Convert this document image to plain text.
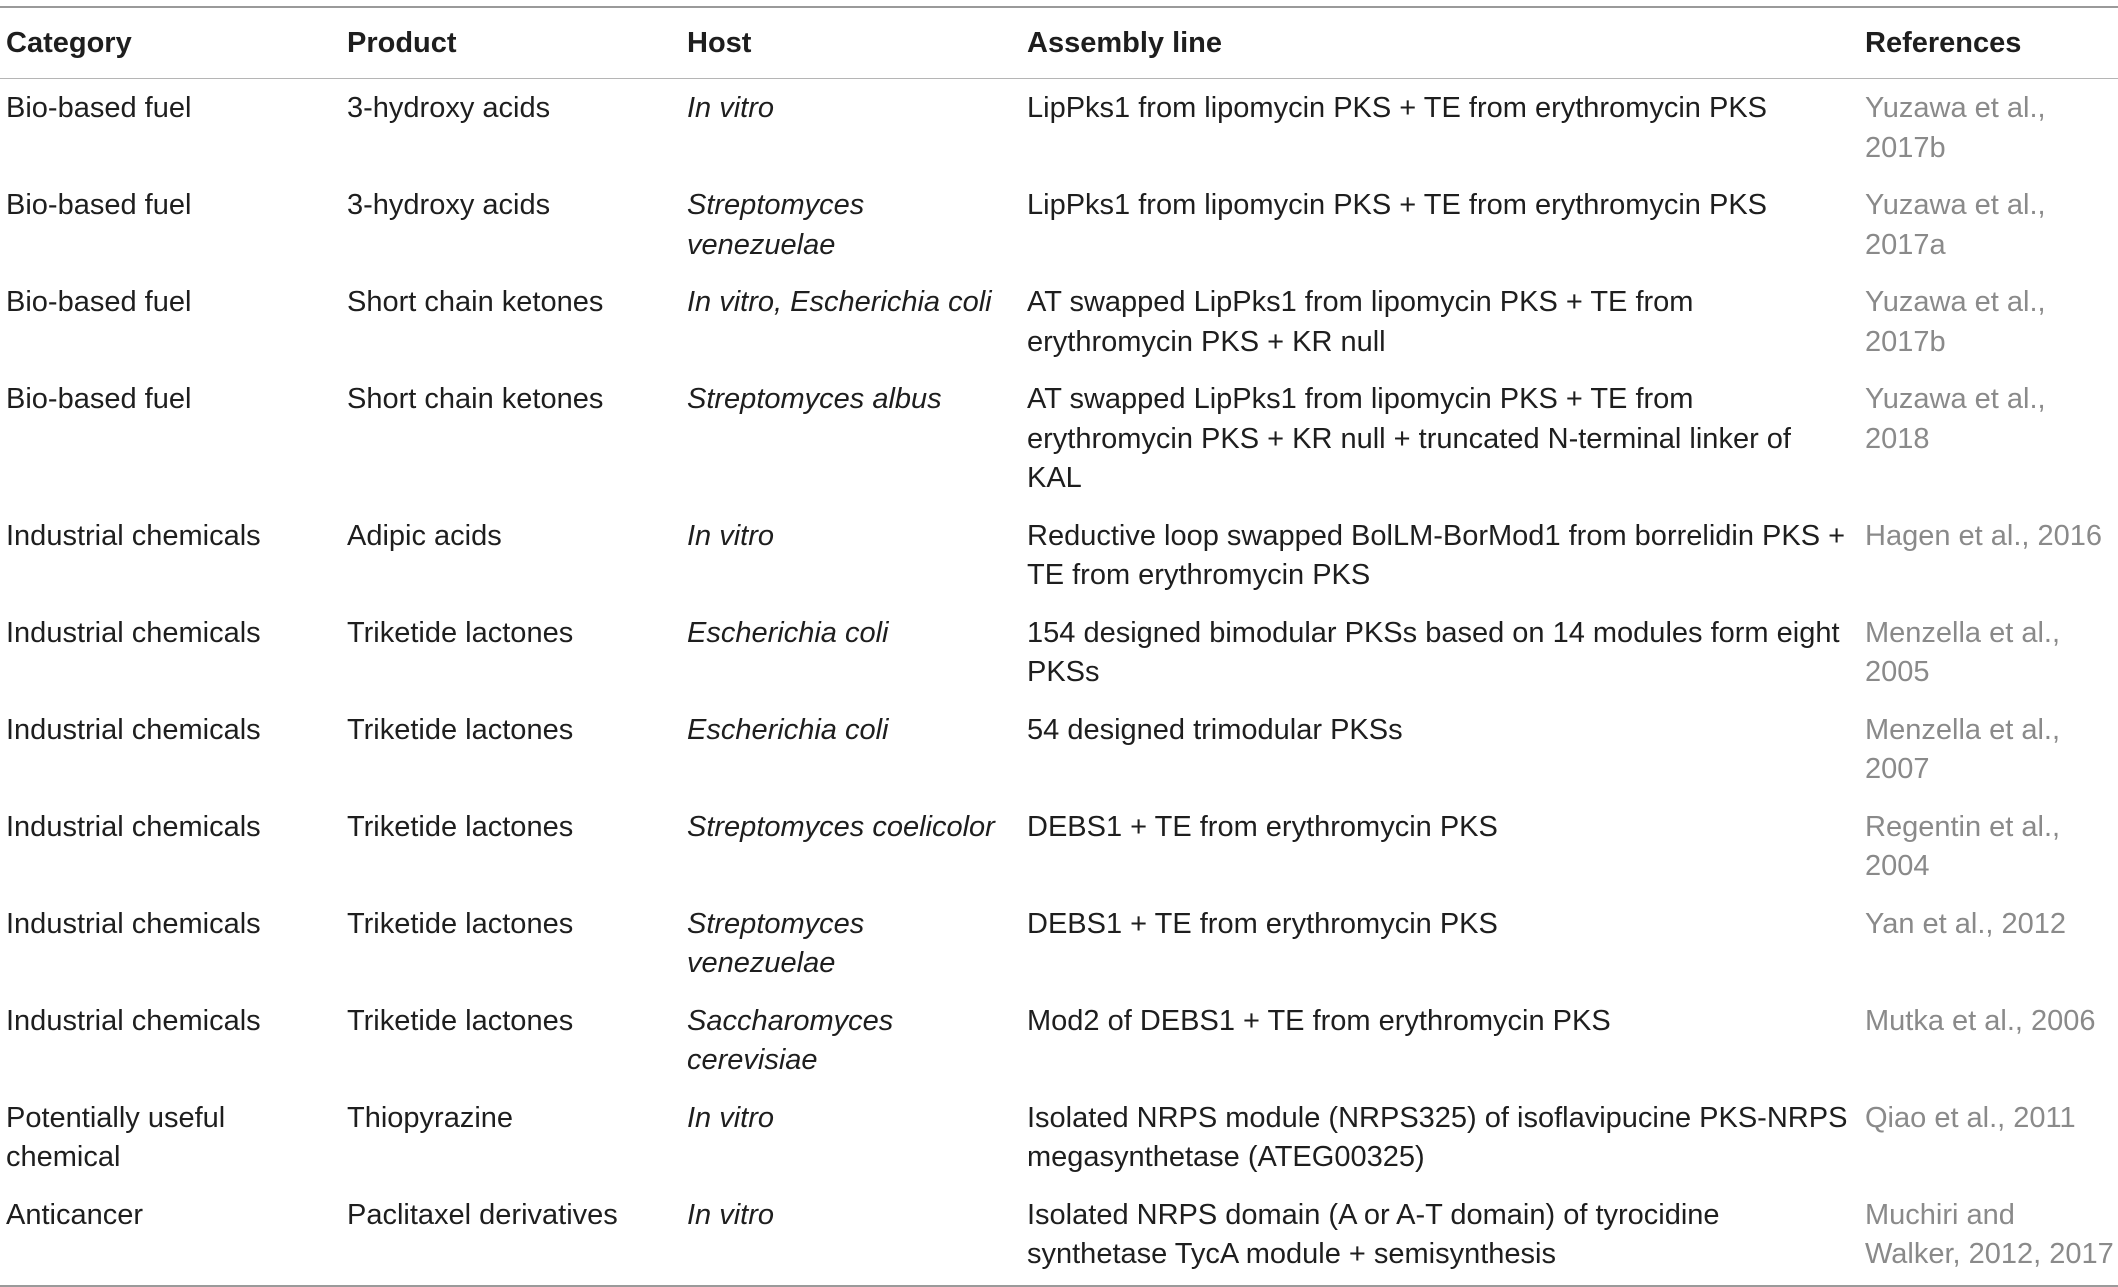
Category	Product	Host	Assembly line	References
Bio-based fuel	3-hydroxy acids	In vitro	LipPks1 from lipomycin PKS + TE from erythromycin PKS	Yuzawa et al., 2017b
Bio-based fuel	3-hydroxy acids	Streptomyces venezuelae	LipPks1 from lipomycin PKS + TE from erythromycin PKS	Yuzawa et al., 2017a
Bio-based fuel	Short chain ketones	In vitro, Escherichia coli	AT swapped LipPks1 from lipomycin PKS + TE from erythromycin PKS + KR null	Yuzawa et al., 2017b
Bio-based fuel	Short chain ketones	Streptomyces albus	AT swapped LipPks1 from lipomycin PKS + TE from erythromycin PKS + KR null + truncated N-terminal linker of KAL	Yuzawa et al., 2018
Industrial chemicals	Adipic acids	In vitro	Reductive loop swapped BolLM-BorMod1 from borrelidin PKS + TE from erythromycin PKS	Hagen et al., 2016
Industrial chemicals	Triketide lactones	Escherichia coli	154 designed bimodular PKSs based on 14 modules form eight PKSs	Menzella et al., 2005
Industrial chemicals	Triketide lactones	Escherichia coli	54 designed trimodular PKSs	Menzella et al., 2007
Industrial chemicals	Triketide lactones	Streptomyces coelicolor	DEBS1 + TE from erythromycin PKS	Regentin et al., 2004
Industrial chemicals	Triketide lactones	Streptomyces venezuelae	DEBS1 + TE from erythromycin PKS	Yan et al., 2012
Industrial chemicals	Triketide lactones	Saccharomyces cerevisiae	Mod2 of DEBS1 + TE from erythromycin PKS	Mutka et al., 2006
Potentially useful chemical	Thiopyrazine	In vitro	Isolated NRPS module (NRPS325) of isoflavipucine PKS-NRPS megasynthetase (ATEG00325)	Qiao et al., 2011
Anticancer	Paclitaxel derivatives	In vitro	Isolated NRPS domain (A or A-T domain) of tyrocidine synthetase TycA module + semisynthesis	Muchiri and Walker, 2012, 2017
